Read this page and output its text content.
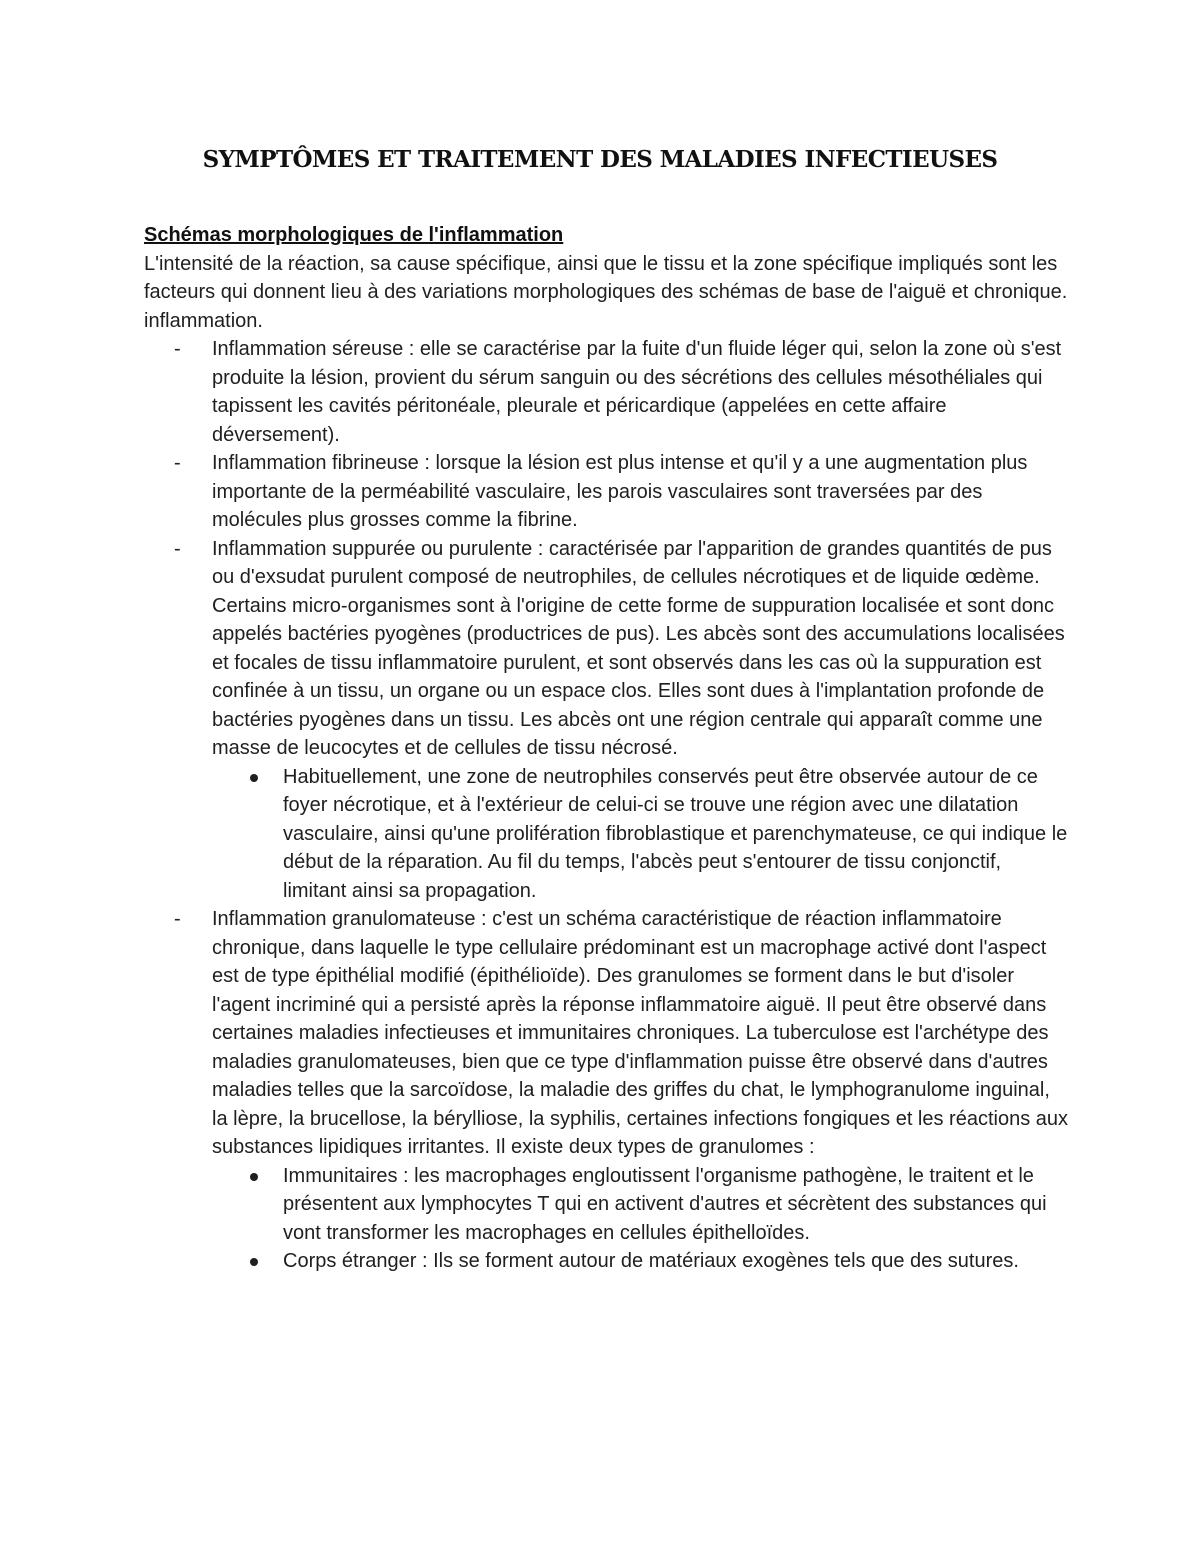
SYMPTÔMES ET TRAITEMENT DES MALADIES INFECTIEUSES

Schémas morphologiques de l'inflammation

L'intensité de la réaction, sa cause spécifique, ainsi que le tissu et la zone spécifique impliqués sont les facteurs qui donnent lieu à des variations morphologiques des schémas de base de l'aiguë et chronique. inflammation.

-	Inflammation séreuse : elle se caractérise par la fuite d'un fluide léger qui, selon la zone où s'est produite la lésion, provient du sérum sanguin ou des sécrétions des cellules mésothéliales qui tapissent les cavités péritonéale, pleurale et péricardique (appelées en cette affaire déversement).
-	Inflammation fibrineuse : lorsque la lésion est plus intense et qu'il y a une augmentation plus importante de la perméabilité vasculaire, les parois vasculaires sont traversées par des molécules plus grosses comme la fibrine.
-	Inflammation suppurée ou purulente : caractérisée par l'apparition de grandes quantités de pus ou d'exsudat purulent composé de neutrophiles, de cellules nécrotiques et de liquide œdème. Certains micro-organismes sont à l'origine de cette forme de suppuration localisée et sont donc appelés bactéries pyogènes (productrices de pus). Les abcès sont des accumulations localisées et focales de tissu inflammatoire purulent, et sont observés dans les cas où la suppuration est confinée à un tissu, un organe ou un espace clos. Elles sont dues à l'implantation profonde de bactéries pyogènes dans un tissu. Les abcès ont une région centrale qui apparaît comme une masse de leucocytes et de cellules de tissu nécrosé.
Habituellement, une zone de neutrophiles conservés peut être observée autour de ce foyer nécrotique, et à l'extérieur de celui-ci se trouve une région avec une dilatation vasculaire, ainsi qu'une prolifération fibroblastique et parenchymateuse, ce qui indique le début de la réparation. Au fil du temps, l'abcès peut s'entourer de tissu conjonctif, limitant ainsi sa propagation.
-	Inflammation granulomateuse : c'est un schéma caractéristique de réaction inflammatoire chronique, dans laquelle le type cellulaire prédominant est un macrophage activé dont l'aspect est de type épithélial modifié (épithélioïde). Des granulomes se forment dans le but d'isoler l'agent incriminé qui a persisté après la réponse inflammatoire aiguë. Il peut être observé dans certaines maladies infectieuses et immunitaires chroniques. La tuberculose est l'archétype des maladies granulomateuses, bien que ce type d'inflammation puisse être observé dans d'autres maladies telles que la sarcoïdose, la maladie des griffes du chat, le lymphogranulome inguinal, la lèpre, la brucellose, la bérylliose, la syphilis, certaines infections fongiques et les réactions aux substances lipidiques irritantes. Il existe deux types de granulomes :
Immunitaires : les macrophages engloutissent l'organisme pathogène, le traitent et le présentent aux lymphocytes T qui en activent d'autres et sécrètent des substances qui vont transformer les macrophages en cellules épithelloïdes.
Corps étranger : Ils se forment autour de matériaux exogènes tels que des sutures.
